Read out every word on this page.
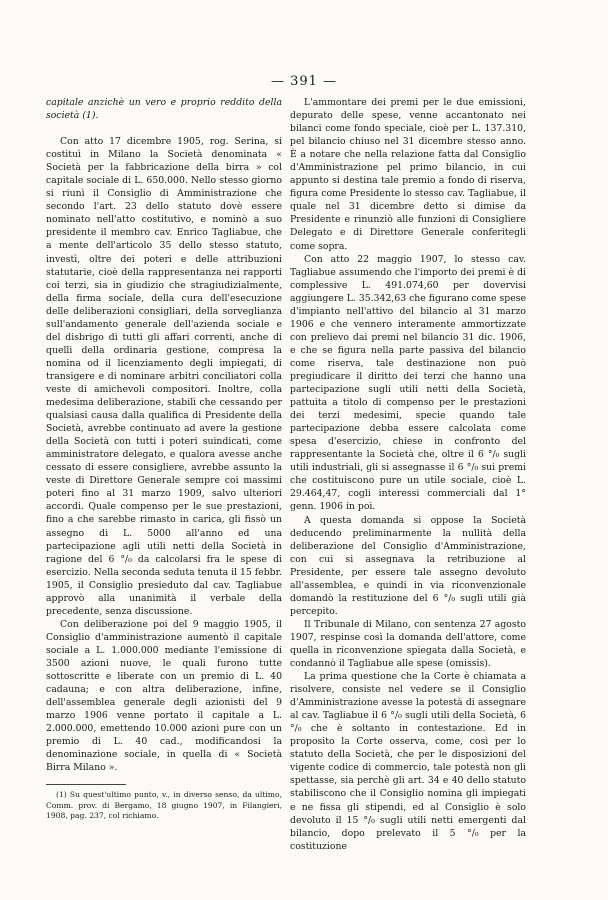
— 391 —

capitale anzichè un vero e proprio reddito della società (1).

Con atto 17 dicembre 1905, rog. Serina, si costituì in Milano la Società denominata « Società per la fabbricazione della birra » col capitale sociale di L. 650.000. Nello stesso giorno si riunì il Consiglio di Amministrazione che secondo l'art. 23 dello statuto dovè essere nominato nell'atto costitutivo, e nominò a suo presidente il membro cav. Enrico Tagliabue, che a mente dell'articolo 35 dello stesso statuto, investì, oltre dei poteri e delle attribuzioni statutarie, cioè della rappresentanza nei rapporti coi terzi, sia in giudizio che stragiudizialmente, della firma sociale, della cura dell'esecuzione delle deliberazioni consigliari, della sorveglianza sull'andamento generale dell'azienda sociale e del disbrigo di tutti gli affari correnti, anche di quelli della ordinaria gestione, compresa la nomina od il licenziamento degli impiegati, di transigere e di nominare arbitri conciliatori colla veste di amichevoli compositori. Inoltre, colla medesima deliberazione, stabilì che cessando per qualsiasi causa dalla qualifica di Presidente della Società, avrebbe continuato ad avere la gestione della Società con tutti i poteri suindicati, come amministratore delegato, e qualora avesse anche cessato di essere consigliere, avrebbe assunto la veste di Direttore Generale sempre coi massimi poteri fino al 31 marzo 1909, salvo ulteriori accordi. Quale compenso per le sue prestazioni, fino a che sarebbe rimasto in carica, gli fissò un assegno di L. 5000 all'anno ed una partecipazione agli utili netti della Società in ragione del 6 °/₀ da calcolarsi fra le spese di esercizio. Nella seconda seduta tenuta il 15 febbr. 1905, il Consiglio presieduto dal cav. Tagliabue approvò alla unanimità il verbale della precedente, senza discussione.

Con deliberazione poi del 9 maggio 1905, il Consiglio d'amministrazione aumentò il capitale sociale a L. 1.000.000 mediante l'emissione di 3500 azioni nuove, le quali furono tutte sottoscritte e liberate con un premio di L. 40 cadauna; e con altra deliberazione, infine, dell'assemblea generale degli azionisti del 9 marzo 1906 venne portato il capitale a L. 2.000.000, emettendo 10.000 azioni pure con un premio di L. 40 cad., modificandosi la denominazione sociale, in quella di « Società Birra Milano ».

L'ammontare dei premi per le due emissioni, depurato delle spese, venne accantonato nei bilanci come fondo speciale, cioè per L. 137.310, pel bilancio chiuso nel 31 dicembre stesso anno. È a notare che nella relazione fatta dal Consiglio d'Amministrazione pel primo bilancio, in cui appunto si destina tale premio a fondo di riserva, figura come Presidente lo stesso cav. Tagliabue, il quale nel 31 dicembre detto si dimise da Presidente e rinunziò alle funzioni di Consigliere Delegato e di Direttore Generale conferitegli come sopra.

Con atto 22 maggio 1907, lo stesso cav. Tagliabue assumendo che l'importo dei premi è di complessive L. 491.074,60 per dovervisi aggiungere L. 35.342,63 che figurano come spese d'impianto nell'attivo del bilancio al 31 marzo 1906 e che vennero interamente ammortizzate con prelievo dai premi nel bilancio 31 dic. 1906, e che se figura nella parte passiva del bilancio come riserva, tale destinazione non può pregiudicare il diritto dei terzi che hanno una partecipazione sugli utili netti della Società, pattuita a titolo di compenso per le prestazioni dei terzi medesimi, specie quando tale partecipazione debba essere calcolata come spesa d'esercizio, chiese in confronto del rappresentante la Società che, oltre il 6 °/₀ sugli utili industriali, gli si assegnasse il 6 °/₀ sui premi che costituiscono pure un utile sociale, cioè L. 29.464,47, cogli interessi commerciali dal 1° genn. 1906 in poi.

A questa domanda si oppose la Società deducendo preliminarmente la nullità della deliberazione del Consiglio d'Amministrazione, con cui si assegnava la retribuzione al Presidente, per essere tale assegno devoluto all'assemblea, e quindi in via riconvenzionale domandò la restituzione del 6 °/₀ sugli utili già percepito.

Il Tribunale di Milano, con sentenza 27 agosto 1907, respinse così la domanda dell'attore, come quella in riconvenzione spiegata dalla Società, e condannò il Tagliabue alle spese (omissis).

La prima questione che la Corte è chiamata a risolvere, consiste nel vedere se il Consiglio d'Amministrazione avesse la potestà di assegnare al cav. Tagliabue il 6 °/₀ sugli utili della Società, 6 °/₀ che è soltanto in contestazione. Ed in proposito la Corte osserva, come, così per lo statuto della Società, che per le disposizioni del vigente codice di commercio, tale potestà non gli spettasse, sia perchè gli art. 34 e 40 dello statuto stabiliscono che il Consiglio nomina gli impiegati e ne fissa gli stipendi, ed al Consiglio è solo devoluto il 15 °/₀ sugli utili netti emergenti dal bilancio, dopo prelevato il 5 °/₀ per la costituzione

(1) Su quest'ultimo punto, v., in diverso senso, da ultimo, Comm. prov. di Bergamo, 18 giugno 1907, in Filangieri, 1908, pag. 237, col richiamo.
